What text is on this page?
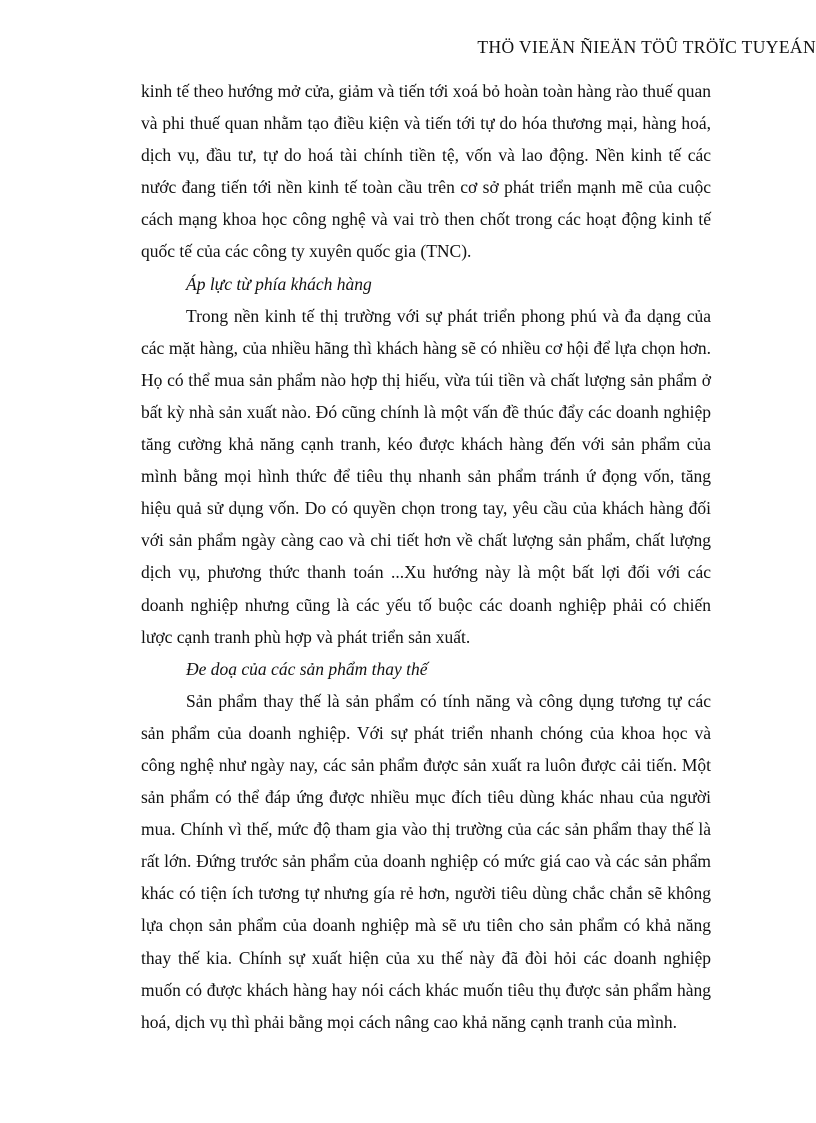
THÖ VIEÄN ÑIEÄN TÖÛ TRÖÏC TUYEÁN

kinh tế theo hướng mở cửa, giảm và tiến tới xoá bỏ hoàn toàn hàng rào thuế quan và phi thuế quan nhằm tạo điều kiện và tiến tới tự do hóa thương mại, hàng hoá, dịch vụ, đầu tư, tự do hoá tài chính tiền tệ, vốn và lao động. Nền kinh tế các nước đang tiến tới nền kinh tế toàn cầu trên cơ sở phát triển mạnh mẽ của cuộc cách mạng khoa học công nghệ và vai trò then chốt trong các hoạt động kinh tế quốc tế của các công ty xuyên quốc gia (TNC).

Áp lực từ phía khách hàng

Trong nền kinh tế thị trường với sự phát triển phong phú và đa dạng của các mặt hàng, của nhiều hãng thì khách hàng sẽ có nhiều cơ hội để lựa chọn hơn. Họ có thể mua sản phẩm nào hợp thị hiếu, vừa túi tiền và chất lượng sản phẩm ở bất kỳ nhà sản xuất nào. Đó cũng chính là một vấn đề thúc đẩy các doanh nghiệp tăng cường khả năng cạnh tranh, kéo được khách hàng đến với sản phẩm của mình bằng mọi hình thức để tiêu thụ nhanh sản phẩm tránh ứ đọng vốn, tăng hiệu quả sử dụng vốn. Do có quyền chọn trong tay, yêu cầu của khách hàng đối với sản phẩm ngày càng cao và chi tiết hơn về chất lượng sản phẩm, chất lượng dịch vụ, phương thức thanh toán ...Xu hướng này là một bất lợi đối với các doanh nghiệp nhưng cũng là các yếu tố buộc các doanh nghiệp phải có chiến lược cạnh tranh phù hợp và phát triển sản xuất.

Đe doạ của các sản phẩm thay thế

Sản phẩm thay thế là sản phẩm có tính năng và công dụng tương tự các sản phẩm của doanh nghiệp. Với sự phát triển nhanh chóng của khoa học và công nghệ như ngày nay, các sản phẩm được sản xuất ra luôn được cải tiến. Một sản phẩm có thể đáp ứng được nhiều mục đích tiêu dùng khác nhau của người mua. Chính vì thế, mức độ tham gia vào thị trường của các sản phẩm thay thế là rất lớn. Đứng trước sản phẩm của doanh nghiệp có mức giá cao và các sản phẩm khác có tiện ích tương tự nhưng gía rẻ hơn, người tiêu dùng chắc chắn sẽ không lựa chọn sản phẩm của doanh nghiệp mà sẽ ưu tiên cho sản phẩm có khả năng thay thế kia. Chính sự xuất hiện của xu thế này đã đòi hỏi các doanh nghiệp muốn có được khách hàng hay nói cách khác muốn tiêu thụ được sản phẩm hàng hoá, dịch vụ thì phải bằng mọi cách nâng cao khả năng cạnh tranh của mình.
